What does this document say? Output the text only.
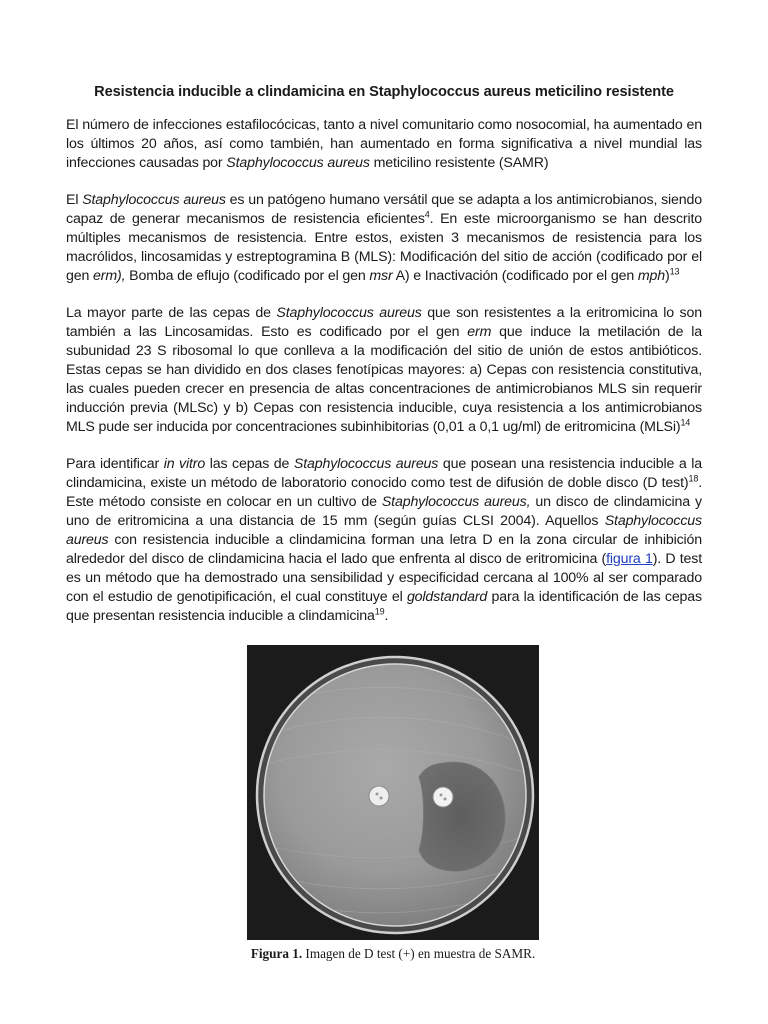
Resistencia inducible a clindamicina en Staphylococcus aureus meticilino resistente

El número de infecciones estafilocócicas, tanto a nivel comunitario como nosocomial, ha aumentado en los últimos 20 años, así como también, han aumentado en forma significativa a nivel mundial las infecciones causadas por Staphylococcus aureus meticilino resistente (SAMR)

El Staphylococcus aureus es un patógeno humano versátil que se adapta a los antimicrobianos, siendo capaz de generar mecanismos de resistencia eficientes$^4$. En este microorganismo se han descrito múltiples mecanismos de resistencia. Entre estos, existen 3 mecanismos de resistencia para los macrólidos, lincosamidas y estreptogramina B (MLS): Modificación del sitio de acción (codificado por el gen erm), Bomba de eflujo (codificado por el gen msr A) e Inactivación (codificado por el gen mph)$^{13}$

La mayor parte de las cepas de Staphylococcus aureus que son resistentes a la eritromicina lo son también a las Lincosamidas. Esto es codificado por el gen erm que induce la metilación de la subunidad 23 S ribosomal lo que conlleva a la modificación del sitio de unión de estos antibióticos. Estas cepas se han dividido en dos clases fenotípicas mayores: a) Cepas con resistencia constitutiva, las cuales pueden crecer en presencia de altas concentraciones de antimicrobianos MLS sin requerir inducción previa (MLSc) y b) Cepas con resistencia inducible, cuya resistencia a los antimicrobianos MLS pude ser inducida por concentraciones subinhibitorias (0,01 a 0,1 ug/ml) de eritromicina (MLSi)$^{14}$

Para identificar in vitro las cepas de Staphylococcus aureus que posean una resistencia inducible a la clindamicina, existe un método de laboratorio conocido como test de difusión de doble disco (D test)$^{18}$. Este método consiste en colocar en un cultivo de Staphylococcus aureus, un disco de clindamicina y uno de eritromicina a una distancia de 15 mm (según guías CLSI 2004). Aquellos Staphylococcus aureus con resistencia inducible a clindamicina forman una letra D en la zona circular de inhibición alrededor del disco de clindamicina hacia el lado que enfrenta al disco de eritromicina (figura 1). D test es un método que ha demostrado una sensibilidad y especificidad cercana al 100% al ser comparado con el estudio de genotipificación, el cual constituye el goldstandard para la identificación de las cepas que presentan resistencia inducible a clindamicina$^{19}$.

Figura 1. Imagen de D test (+) en muestra de SAMR.
